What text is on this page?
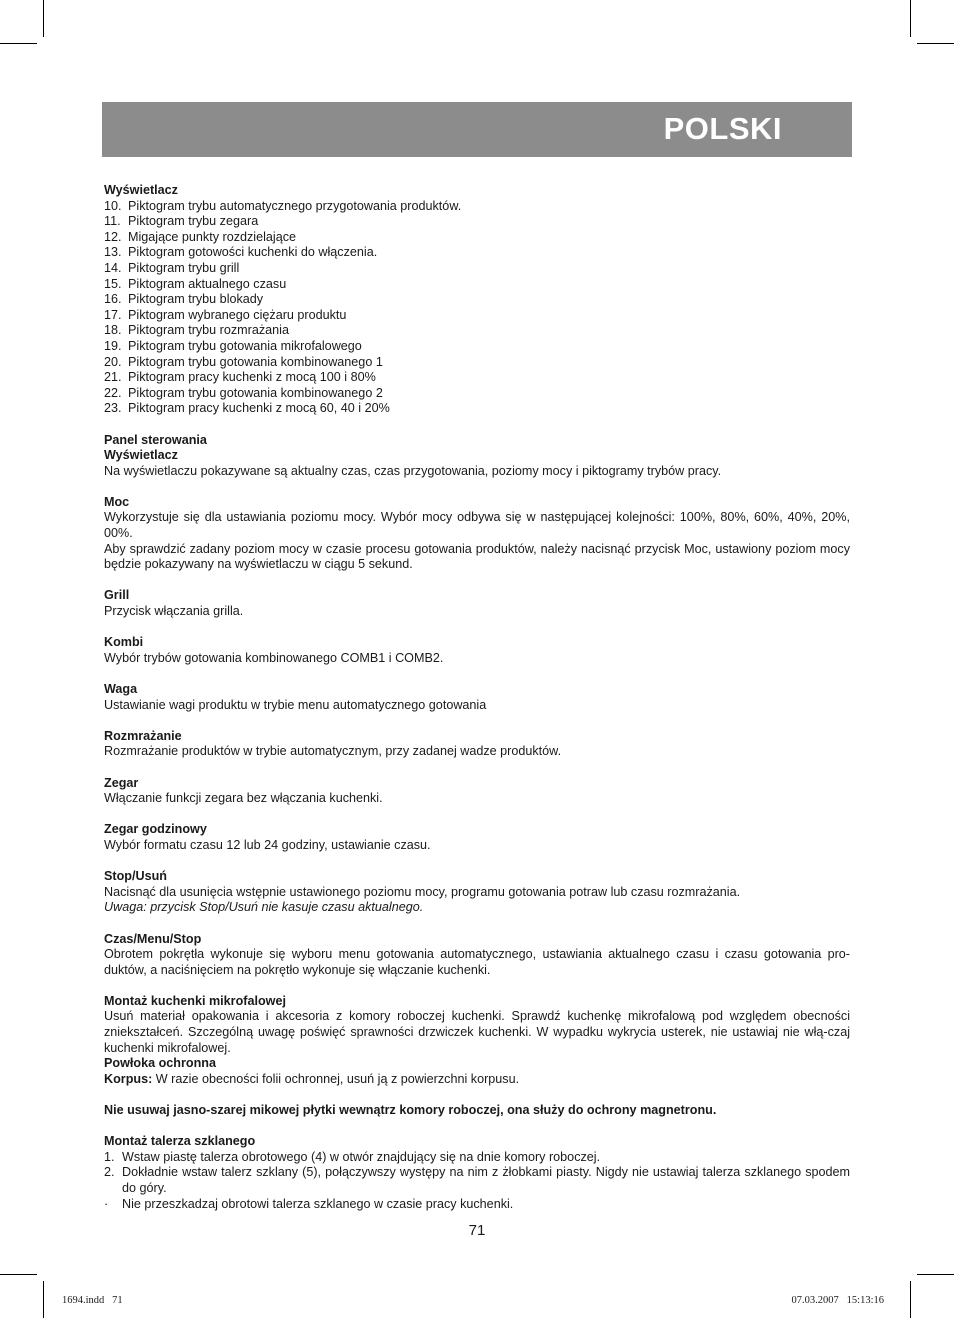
POLSKI
Wyświetlacz
10. Piktogram trybu automatycznego przygotowania produktów.
11. Piktogram trybu zegara
12. Migające punkty rozdzielające
13. Piktogram gotowości kuchenki do włączenia.
14. Piktogram trybu grill
15. Piktogram aktualnego czasu
16. Piktogram trybu blokady
17. Piktogram wybranego ciężaru produktu
18. Piktogram trybu rozmrażania
19. Piktogram trybu gotowania mikrofalowego
20. Piktogram trybu gotowania kombinowanego 1
21. Piktogram pracy kuchenki z mocą 100 i 80%
22. Piktogram trybu gotowania kombinowanego 2
23. Piktogram pracy kuchenki z mocą 60, 40 i 20%
Panel sterowania
Wyświetlacz
Na wyświetlaczu pokazywane są aktualny czas, czas przygotowania, poziomy mocy i piktogramy trybów pracy.
Moc
Wykorzystuje się dla ustawiania poziomu mocy. Wybór mocy odbywa się w następującej kolejności: 100%, 80%, 60%, 40%, 20%, 00%.
Aby sprawdzić zadany poziom mocy w czasie procesu gotowania produktów, należy nacisnąć przycisk Moc, ustawiony poziom mocy będzie pokazywany na wyświetlaczu w ciągu 5 sekund.
Grill
Przycisk włączania grilla.
Kombi
Wybór trybów gotowania kombinowanego COMB1 i COMB2.
Waga
Ustawianie wagi produktu w trybie menu automatycznego gotowania
Rozmrażanie
Rozmrażanie produktów w trybie automatycznym, przy zadanej wadze produktów.
Zegar
Włączanie funkcji zegara bez włączania kuchenki.
Zegar godzinowy
Wybór formatu czasu 12 lub 24 godziny, ustawianie czasu.
Stop/Usuń
Nacisnąć dla usunięcia wstępnie ustawionego poziomu mocy, programu gotowania potraw lub czasu rozmrażania.
Uwaga: przycisk Stop/Usuń nie kasuje czasu aktualnego.
Czas/Menu/Stop
Obrotem pokrętła wykonuje się wyboru menu gotowania automatycznego, ustawiania aktualnego czasu i czasu gotowania pro-duktów, a naciśnięciem na pokrętło wykonuje się włączanie kuchenki.
Montaż kuchenki mikrofalowej
Usuń materiał opakowania i akcesoria z komory roboczej kuchenki. Sprawdź kuchenkę mikrofalową pod względem obecności zniekształceń. Szczególną uwagę poświęć sprawności drzwiczek kuchenki. W wypadku wykrycia usterek, nie ustawiaj nie włą-czaj kuchenki mikrofalowej.
Powłoka ochronna
Korpus: W razie obecności folii ochronnej, usuń ją z powierzchni korpusu.
Nie usuwaj jasno-szarej mikowej płytki wewnątrz komory roboczej, ona służy do ochrony magnetronu.
Montaż talerza szklanego
1. Wstaw piastę talerza obrotowego (4) w otwór znajdujący się na dnie komory roboczej.
2. Dokładnie wstaw talerz szklany (5), połączywszy występy na nim z żłobkami piasty. Nigdy nie ustawiaj talerza szklanego spodem do góry.
· Nie przeszkadzaj obrotowi talerza szklanego w czasie pracy kuchenki.
71
1694.indd   71	07.03.2007   15:13:16
